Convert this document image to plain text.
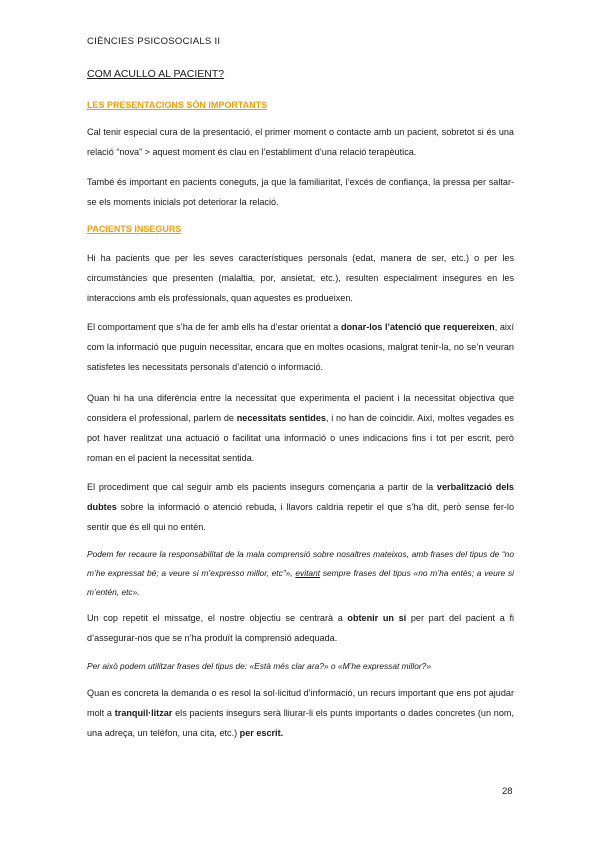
CIÈNCIES PSICOSOCIALS II
COM ACULLO AL PACIENT?
LES PRESENTACIONS SÓN IMPORTANTS
Cal tenir especial cura de la presentació, el primer moment o contacte amb un pacient, sobretot si és una relació “nova” > aquest moment és clau en l’establiment d’una relació terapèutica.
També és important en pacients coneguts, ja que la familiaritat, l’excés de confiança, la pressa per saltar-se els moments inicials pot deteriorar la relació.
PACIENTS INSEGURS
Hi ha pacients que per les seves característiques personals (edat, manera de ser, etc.) o per les circumstàncies que presenten (malaltia, por, ansietat, etc.), resulten especialment insegures en les interaccions amb els professionals, quan aquestes es produeixen.
El comportament que s’ha de fer amb ells ha d’estar orientat a donar-los l’atenció que requereixen, així com la informació que puguin necessitar, encara que en moltes ocasions, malgrat tenir-la, no se’n veuran satisfetes les necessitats personals d’atenció o informació.
Quan hi ha una diferència entre la necessitat que experimenta el pacient i la necessitat objectiva que considera el professional, parlem de necessitats sentides, i no han de coincidir. Així, moltes vegades es pot haver realitzat una actuació o facilitat una informació o unes indicacions fins i tot per escrit, però roman en el pacient la necessitat sentida.
El procediment que cal seguir amb els pacients insegurs començaria a partir de la verbalització dels dubtes sobre la informació o atenció rebuda, i llavors caldria repetir el que s’ha dit, però sense fer-lo sentir que és ell qui no entén.
Podem fer recaure la responsabilitat de la mala comprensió sobre nosaltres mateixos, amb frases del tipus de “no m’he expressat bé; a veure si m’expresso millor, etc”», evitant sempre frases del tipus «no m’ha entès; a veure si m’entén, etc».
Un cop repetit el missatge, el nostre objectiu se centrarà a obtenir un sí per part del pacient a fi d’assegurar-nos que se n’ha produït la comprensió adequada.
Per això podem utilitzar frases del tipus de: «Està més clar ara?» o «M’he expressat millor?»
Quan es concreta la demanda o es resol la sol·licitud d’informació, un recurs important que ens pot ajudar molt a tranquil·litzar els pacients insegurs serà lliurar-li els punts importants o dades concretes (un nom, una adreça, un telèfon, una cita, etc.) per escrit.
28
